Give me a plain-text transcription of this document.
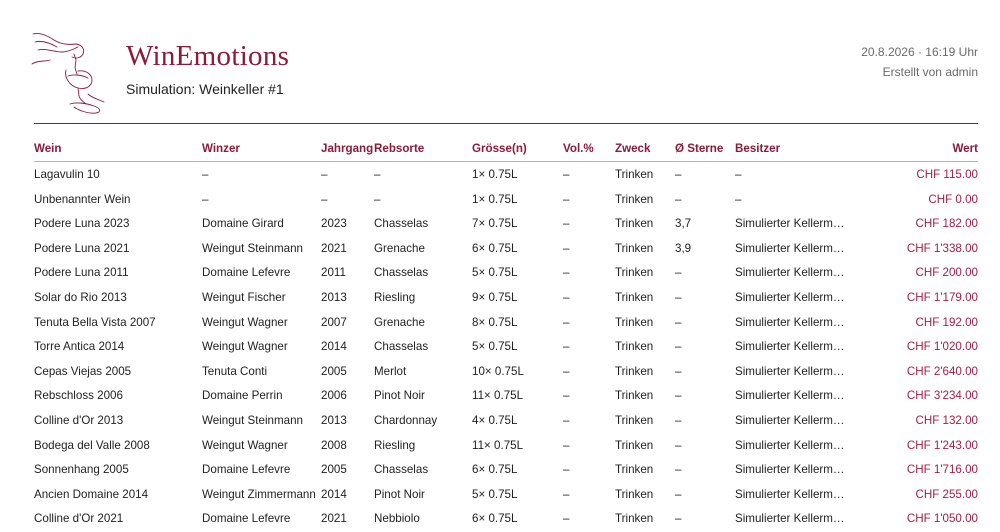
WinEmotions
Simulation: Weinkeller #1
20.8.2026 · 16:19 Uhr
Erstellt von admin
Wein	Winzer	Jahrgang Rebsorte	Grösse(n)	Vol.% Zweck Ø Sterne Besitzer	Wert
Lagavulin 10	–	–	–	1× 0.75L	–	Trinken –	–	CHF 115.00
Unbenannter Wein	–	–	–	1× 0.75L	–	Trinken –	–	CHF 0.00
Podere Luna 2023	Domaine Girard	2023 Chasselas	7× 0.75L	–	Trinken 3,7	Simulierter Kellerm…	CHF 182.00
Podere Luna 2021	Weingut Steinmann 2021 Grenache	6× 0.75L	–	Trinken 3,9	Simulierter Kellerm…	CHF 1'338.00
Podere Luna 2011	Domaine Lefevre	2011 Chasselas	5× 0.75L	–	Trinken –	Simulierter Kellerm…	CHF 200.00
Solar do Rio 2013	Weingut Fischer	2013 Riesling	9× 0.75L	–	Trinken –	Simulierter Kellerm…	CHF 1'179.00
Tenuta Bella Vista 2007	Weingut Wagner	2007 Grenache	8× 0.75L	–	Trinken –	Simulierter Kellerm…	CHF 192.00
Torre Antica 2014	Weingut Wagner	2014 Chasselas	5× 0.75L	–	Trinken –	Simulierter Kellerm…	CHF 1'020.00
Cepas Viejas 2005	Tenuta Conti	2005 Merlot	10× 0.75L	–	Trinken –	Simulierter Kellerm…	CHF 2'640.00
Rebschloss 2006	Domaine Perrin	2006 Pinot Noir	11× 0.75L	–	Trinken –	Simulierter Kellerm…	CHF 3'234.00
Colline d'Or 2013	Weingut Steinmann 2013 Chardonnay	4× 0.75L	–	Trinken –	Simulierter Kellerm…	CHF 132.00
Bodega del Valle 2008	Weingut Wagner	2008 Riesling	11× 0.75L	–	Trinken –	Simulierter Kellerm…	CHF 1'243.00
Sonnenhang 2005	Domaine Lefevre	2005 Chasselas	6× 0.75L	–	Trinken –	Simulierter Kellerm…	CHF 1'716.00
Ancien Domaine 2014	Weingut Zimmermann 2014 Pinot Noir	5× 0.75L	–	Trinken –	Simulierter Kellerm…	CHF 255.00
Colline d'Or 2021	Domaine Lefevre	2021 Nebbiolo	6× 0.75L	–	Trinken –	Simulierter Kellerm…	CHF 1'050.00
